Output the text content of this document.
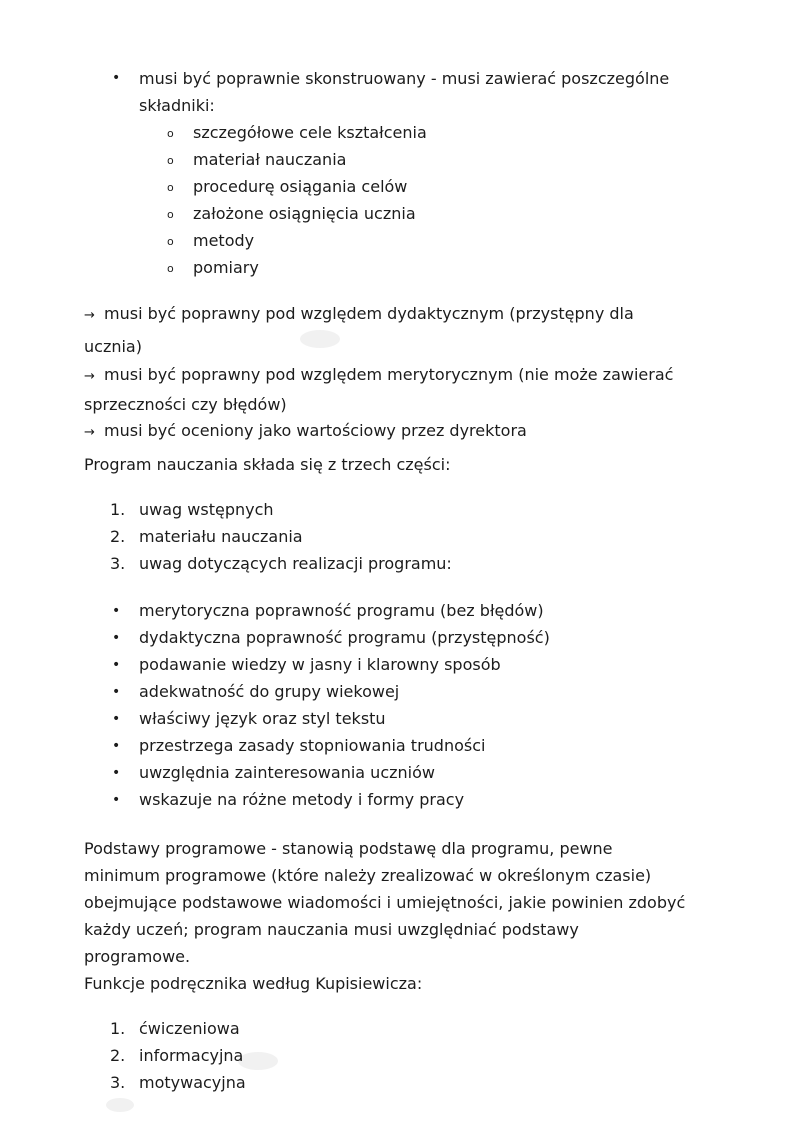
• musi być poprawnie skonstruowany - musi zawierać poszczególne
składniki:
o szczegółowe cele kształcenia
o materiał nauczania
o procedurę osiągania celów
o założone osiągnięcia ucznia
o metody
o pomiary
→ musi być poprawny pod względem dydaktycznym (przystępny dla
ucznia)
→ musi być poprawny pod względem merytorycznym (nie może zawierać
sprzeczności czy błędów)
→ musi być oceniony jako wartościowy przez dyrektora
Program nauczania składa się z trzech części:
1. uwag wstępnych
2. materiału nauczania
3. uwag dotyczących realizacji programu:
• merytoryczna poprawność programu (bez błędów)
• dydaktyczna poprawność programu (przystępność)
• podawanie wiedzy w jasny i klarowny sposób
• adekwatność do grupy wiekowej
• właściwy język oraz styl tekstu
• przestrzega zasady stopniowania trudności
• uwzględnia zainteresowania uczniów
• wskazuje na różne metody i formy pracy
Podstawy programowe - stanowią podstawę dla programu, pewne
minimum programowe (które należy zrealizować w określonym czasie)
obejmujące podstawowe wiadomości i umiejętności, jakie powinien zdobyć
każdy uczeń; program nauczania musi uwzględniać podstawy
programowe.
Funkcje podręcznika według Kupisiewicza:
1. ćwiczeniowa
2. informacyjna
3. motywacyjna
